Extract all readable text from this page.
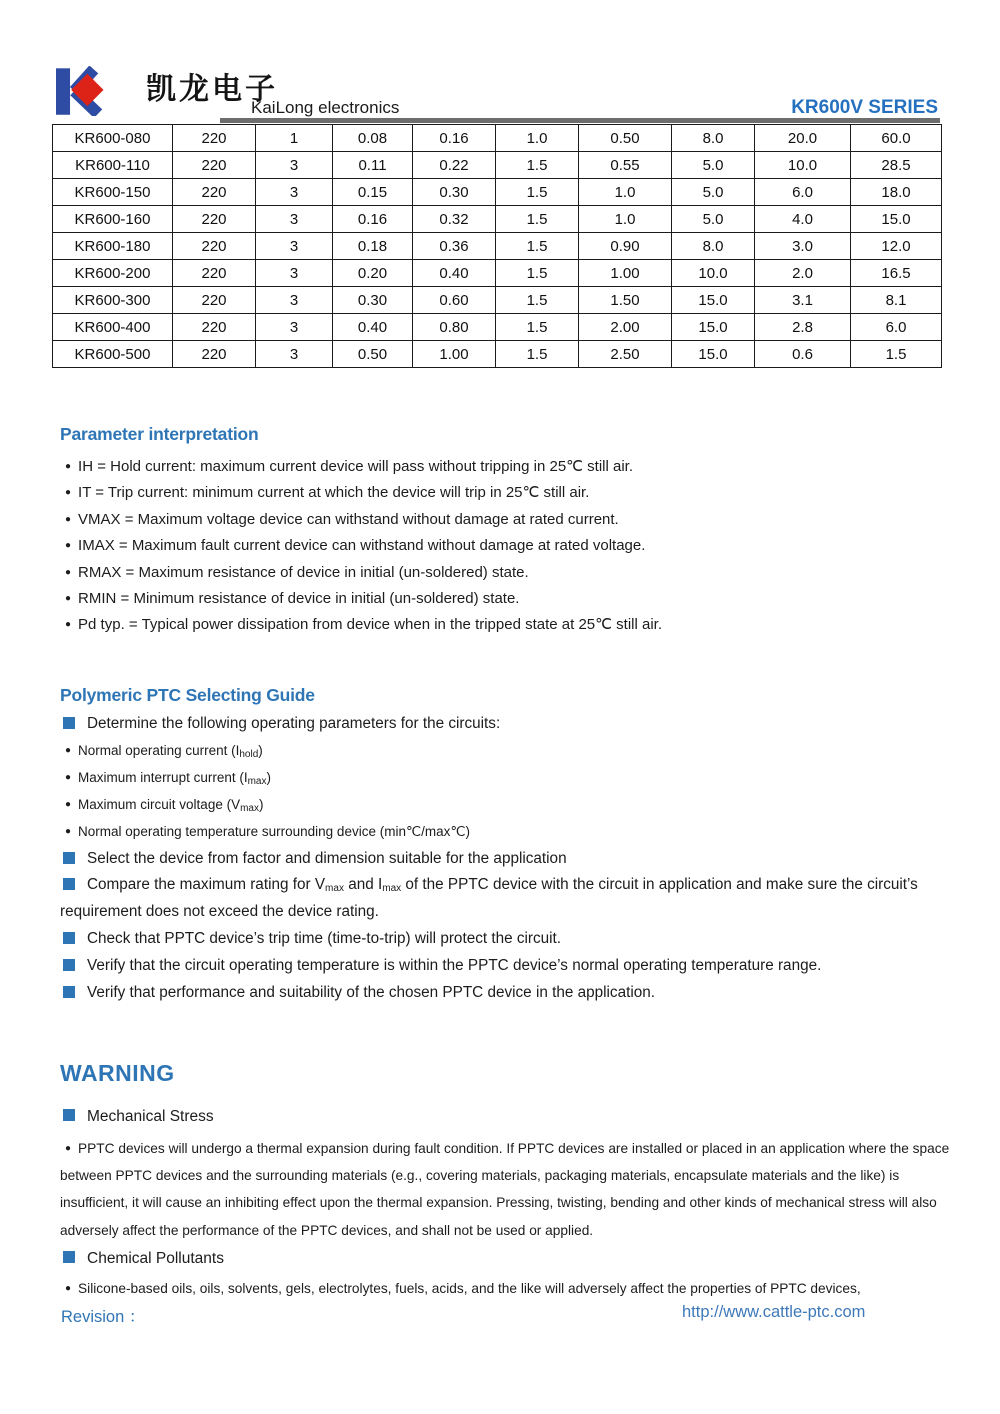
凯龙电子
KaiLong electronics	KR600V SERIES
KR600-080	220	1	0.08	0.16	1.0	0.50	8.0	20.0	60.0
KR600-110	220	3	0.11	0.22	1.5	0.55	5.0	10.0	28.5
KR600-150	220	3	0.15	0.30	1.5	1.0	5.0	6.0	18.0
KR600-160	220	3	0.16	0.32	1.5	1.0	5.0	4.0	15.0
KR600-180	220	3	0.18	0.36	1.5	0.90	8.0	3.0	12.0
KR600-200	220	3	0.20	0.40	1.5	1.00	10.0	2.0	16.5
KR600-300	220	3	0.30	0.60	1.5	1.50	15.0	3.1	8.1
KR600-400	220	3	0.40	0.80	1.5	2.00	15.0	2.8	6.0
KR600-500	220	3	0.50	1.00	1.5	2.50	15.0	0.6	1.5
Parameter interpretation
● IH = Hold current: maximum current device will pass without tripping in 25℃ still air.
● IT = Trip current: minimum current at which the device will trip in 25℃ still air.
● VMAX = Maximum voltage device can withstand without damage at rated current.
● IMAX = Maximum fault current device can withstand without damage at rated voltage.
● RMAX = Maximum resistance of device in initial (un-soldered) state.
● RMIN = Minimum resistance of device in initial (un-soldered) state.
● Pd typ. = Typical power dissipation from device when in the tripped state at 25℃ still air.
Polymeric PTC Selecting Guide
Determine the following operating parameters for the circuits:
● Normal operating current $(I_{hold})$
● Maximum interrupt current $(I_{max})$
● Maximum circuit voltage $(V_{max})$
● Normal operating temperature surrounding device (min℃/max℃)
Select the device from factor and dimension suitable for the application
Compare the maximum rating for $V_{max}$ and $I_{max}$ of the PPTC device with the circuit in application and make sure the circuit’s requirement does not exceed the device rating.
Check that PPTC device’s trip time (time-to-trip) will protect the circuit.
Verify that the circuit operating temperature is within the PPTC device’s normal operating temperature range.
Verify that performance and suitability of the chosen PPTC device in the application.
WARNING
Mechanical Stress
● PPTC devices will undergo a thermal expansion during fault condition. If PPTC devices are installed or placed in an application where the space between PPTC devices and the surrounding materials (e.g., covering materials, packaging materials, encapsulate materials and the like) is insufficient, it will cause an inhibiting effect upon the thermal expansion. Pressing, twisting, bending and other kinds of mechanical stress will also adversely affect the performance of the PPTC devices, and shall not be used or applied.
Chemical Pollutants
● Silicone-based oils, oils, solvents, gels, electrolytes, fuels, acids, and the like will adversely affect the properties of PPTC devices,
Revision ：	http://www.cattle-ptc.com
